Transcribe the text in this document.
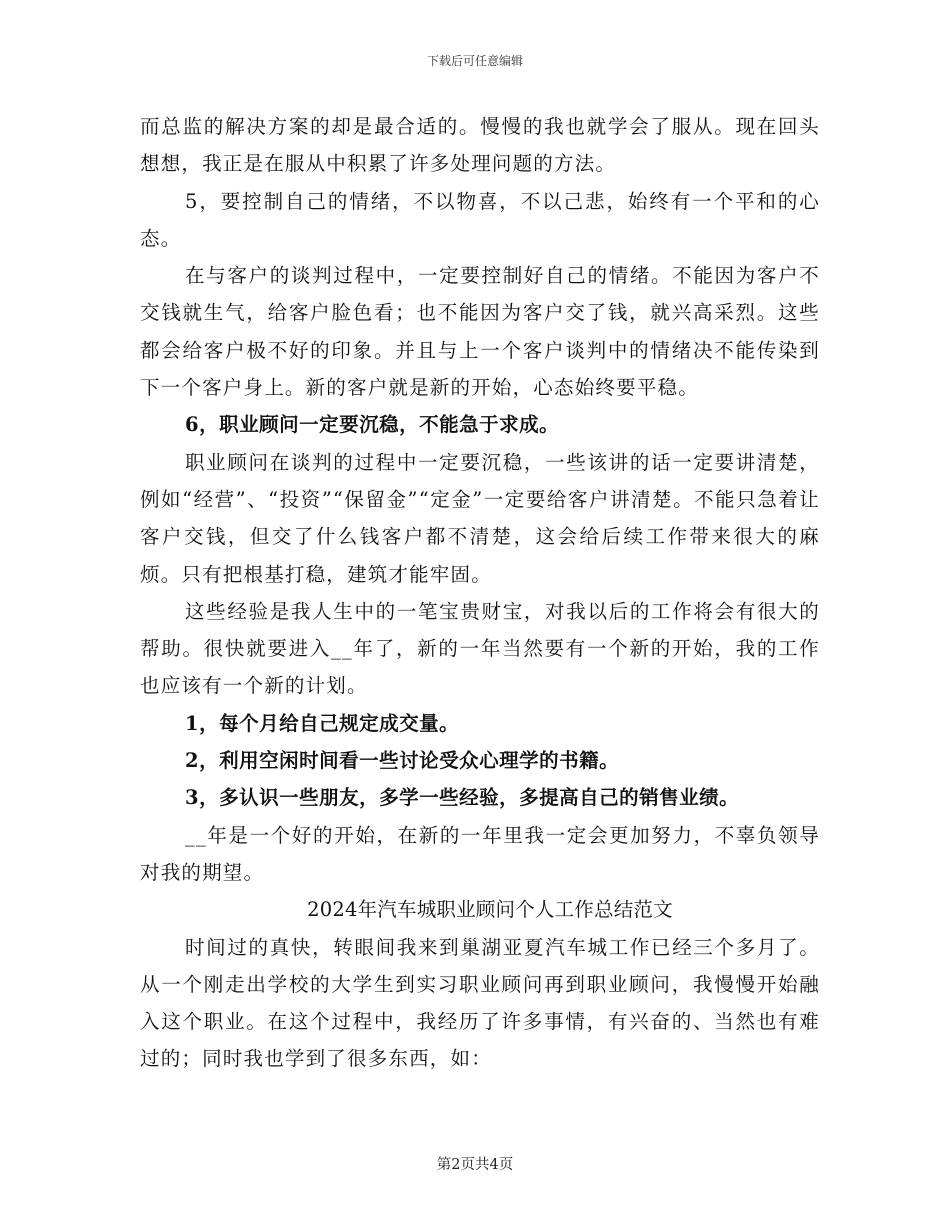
下载后可任意编辑

而总监的解决方案的却是最合适的。慢慢的我也就学会了服从。现在回头想想，我正是在服从中积累了许多处理问题的方法。

5，要控制自己的情绪，不以物喜，不以己悲，始终有一个平和的心态。

在与客户的谈判过程中，一定要控制好自己的情绪。不能因为客户不交钱就生气，给客户脸色看；也不能因为客户交了钱，就兴高采烈。这些都会给客户极不好的印象。并且与上一个客户谈判中的情绪决不能传染到下一个客户身上。新的客户就是新的开始，心态始终要平稳。

6，职业顾问一定要沉稳，不能急于求成。

职业顾问在谈判的过程中一定要沉稳，一些该讲的话一定要讲清楚，例如“经营”、“投资”“保留金”“定金”一定要给客户讲清楚。不能只急着让客户交钱，但交了什么钱客户都不清楚，这会给后续工作带来很大的麻烦。只有把根基打稳，建筑才能牢固。

这些经验是我人生中的一笔宝贵财宝，对我以后的工作将会有很大的帮助。很快就要进入__年了，新的一年当然要有一个新的开始，我的工作也应该有一个新的计划。

1，每个月给自己规定成交量。

2，利用空闲时间看一些讨论受众心理学的书籍。

3，多认识一些朋友，多学一些经验，多提高自己的销售业绩。

__年是一个好的开始，在新的一年里我一定会更加努力，不辜负领导对我的期望。

2024年汽车城职业顾问个人工作总结范文

时间过的真快，转眼间我来到巢湖亚夏汽车城工作已经三个多月了。从一个刚走出学校的大学生到实习职业顾问再到职业顾问，我慢慢开始融入这个职业。在这个过程中，我经历了许多事情，有兴奋的、当然也有难过的；同时我也学到了很多东西，如：

第2页共4页
